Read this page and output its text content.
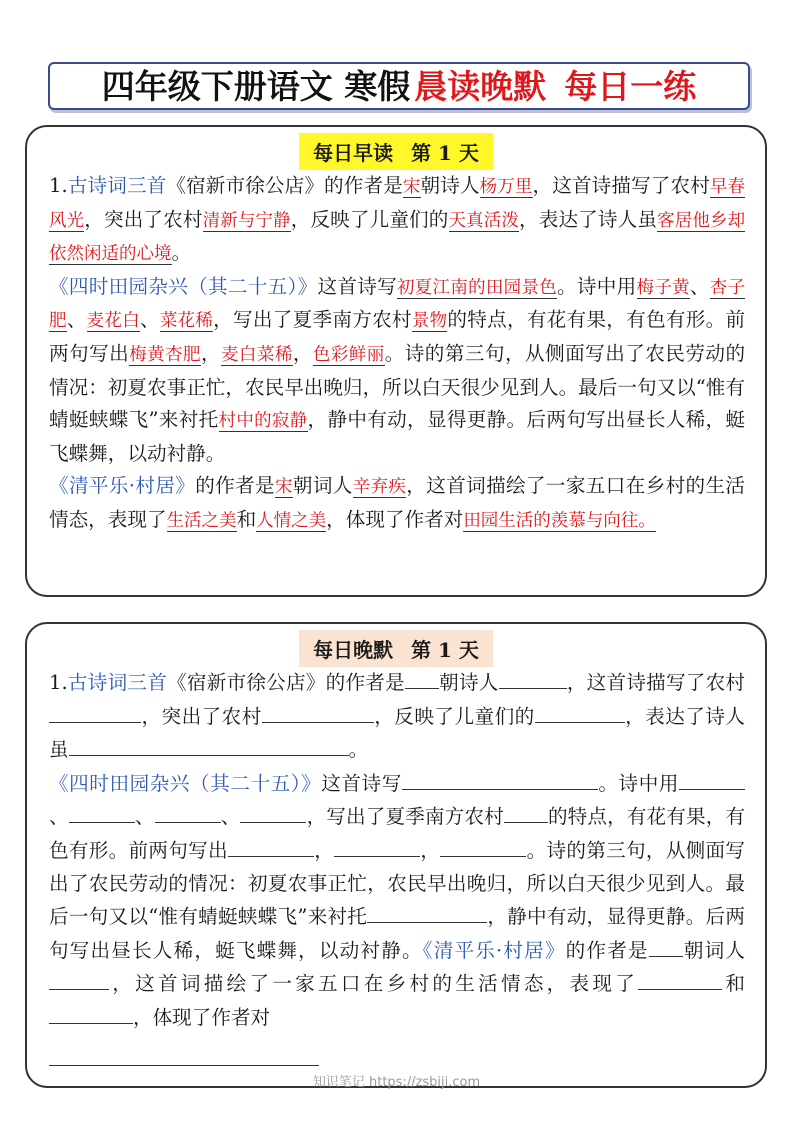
四年级下册语文 寒假 晨读晚默 每日一练
每日早读 第 1 天

1.古诗词三首《宿新市徐公店》的作者是宋朝诗人杨万里，这首诗描写了农村早春风光，突出了农村清新与宁静，反映了儿童们的天真活泼，表达了诗人虽客居他乡却依然闲适的心境。

《四时田园杂兴（其二十五）》这首诗写初夏江南的田园景色。诗中用梅子黄、杏子肥、麦花白、菜花稀，写出了夏季南方农村景物的特点，有花有果，有色有形。前两句写出梅黄杏肥，麦白菜稀，色彩鲜丽。诗的第三句，从侧面写出了农民劳动的情况：初夏农事正忙，农民早出晚归，所以白天很少见到人。最后一句又以“惟有蜻蜓蛱蝶飞”来衬托村中的寂静，静中有动，显得更静。后两句写出昼长人稀，蜓飞蝶舞，以动衬静。

《清平乐·村居》的作者是宋朝词人辛弃疾，这首词描绘了一家五口在乡村的生活情态，表现了生活之美和人情之美，体现了作者对田园生活的羡慕与向往。

每日晚默 第 1 天

1.古诗词三首《宿新市徐公店》的作者是 朝诗人	，这首诗描写了农村，突出了农村	，反映了儿童们的	，表达了诗人虽	。

《四时田园杂兴（其二十五）》这首诗写	。诗中用、	、	、	，写出了夏季南方农村 的特点，有花有果，有色有形。前两句写出	，	，	。诗的第三句，从侧面写出了农民劳动的情况：初夏农事正忙，农民早出晚归，所以白天很少见到人。最后一句又以“惟有蜻蜓蛱蝶飞”来衬托	，静中有动，显得更静。后两句写出昼长人稀，蜓飞蝶舞，以动衬静。《清平乐·村居》的作者是 朝词人，这首词描绘了一家五口在乡村的生活情态，表现了	和，体现了作者对

知识笔记 https://zsbiji.com
